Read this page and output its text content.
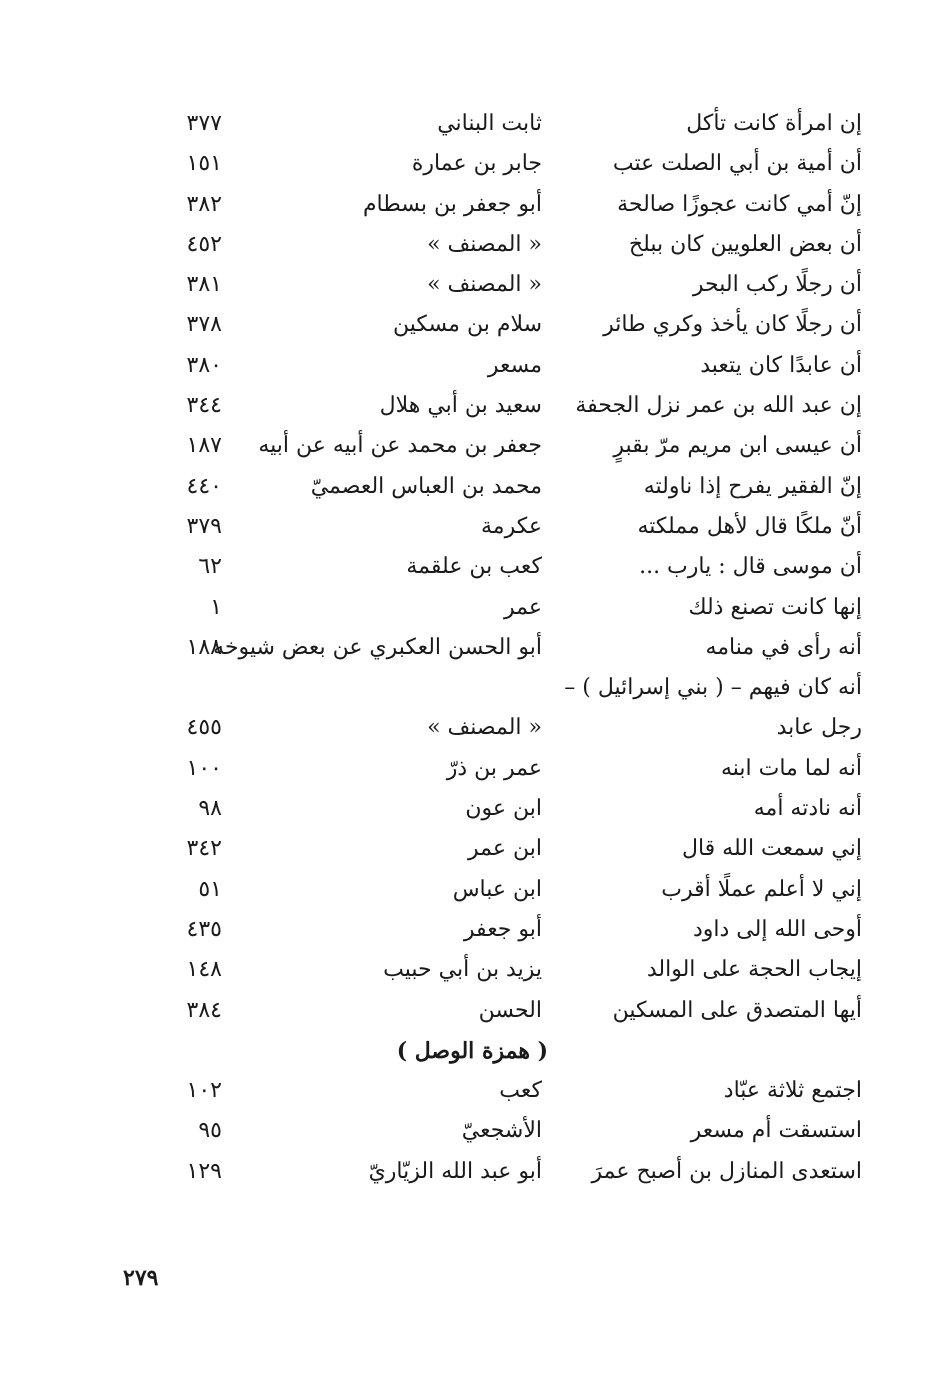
إن امرأة كانت تأكل
ثابت البناني
٣٧٧
أن أمية بن أبي الصلت عتب
جابر بن عمارة
١٥١
إنّ أمي كانت عجوزًا صالحة
أبو جعفر بن بسطام
٣٨٢
أن بعض العلويين كان ببلخ
« المصنف »
٤٥٢
أن رجلًا ركب البحر
« المصنف »
٣٨١
أن رجلًا كان يأخذ وكري طائر
سلام بن مسكين
٣٧٨
أن عابدًا كان يتعبد
مسعر
٣٨٠
إن عبد الله بن عمر نزل الجحفة
سعيد بن أبي هلال
٣٤٤
أن عيسى ابن مريم مرّ بقبرٍ
جعفر بن محمد عن أبيه عن أبيه
١٨٧
إنّ الفقير يفرح إذا ناولته
محمد بن العباس العصميّ
٤٤٠
أنّ ملكًا قال لأهل مملكته
عكرمة
٣٧٩
أن موسى قال : يارب ...
كعب بن علقمة
٦٢
إنها كانت تصنع ذلك
عمر
١
أنه رأى في منامه
أبو الحسن العكبري عن بعض شيوخه
١٨٨
أنه كان فيهم – ( بني إسرائيل ) –
رجل عابد
« المصنف »
٤٥٥
أنه لما مات ابنه
عمر بن ذرّ
١٠٠
أنه نادته أمه
ابن عون
٩٨
إني سمعت الله قال
ابن عمر
٣٤٢
إني لا أعلم عملًا أقرب
ابن عباس
٥١
أوحى الله إلى داود
أبو جعفر
٤٣٥
إيجاب الحجة على الوالد
يزيد بن أبي حبيب
١٤٨
أيها المتصدق على المسكين
الحسن
٣٨٤
( همزة الوصل )
اجتمع ثلاثة عبّاد
كعب
١٠٢
استسقت أم مسعر
الأشجعيّ
٩٥
استعدى المنازل بن أصبح عمرَ
أبو عبد الله الزيّاريّ
١٢٩
٢٧٩
